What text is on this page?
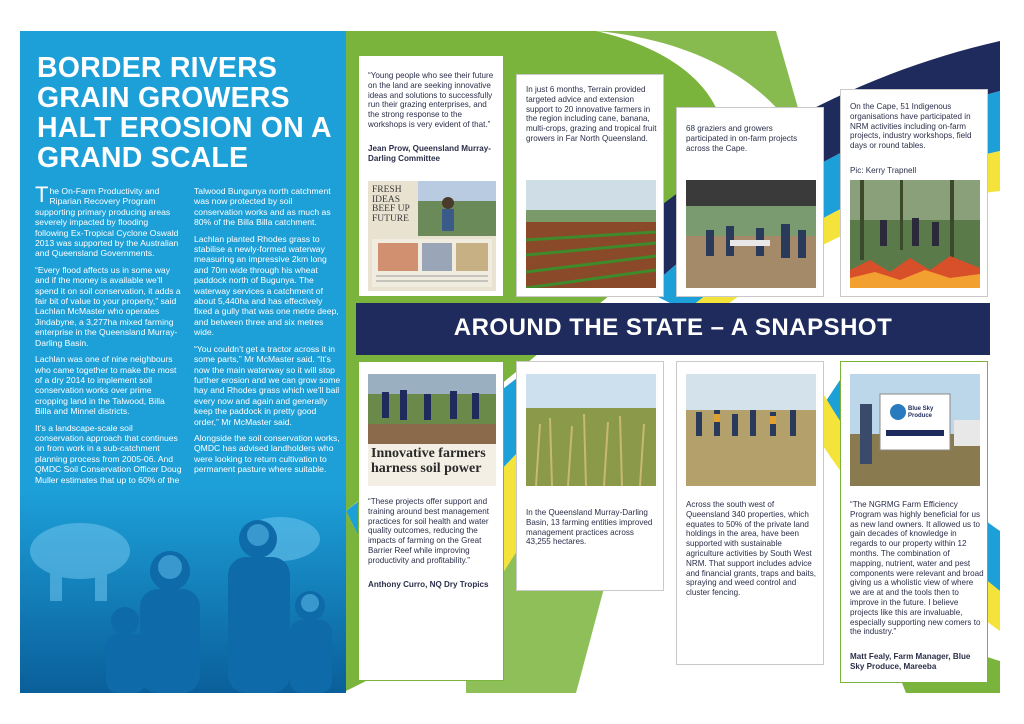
BORDER RIVERS GRAIN GROWERS HALT EROSION ON A GRAND SCALE

The On-Farm Productivity and Riparian Recovery Program supporting primary producing areas severely impacted by flooding following Ex-Tropical Cyclone Oswald 2013 was supported by the Australian and Queensland Governments.

“Every flood affects us in some way and if the money is available we’ll spend it on soil conservation, it adds a fair bit of value to your property,” said Lachlan McMaster who operates Jindabyne, a 3,277ha mixed farming enterprise in the Queensland Murray-Darling Basin.

Lachlan was one of nine neighbours who came together to make the most of a dry 2014 to implement soil conservation works over prime cropping land in the Talwood, Billa Billa and Minnel districts.

It’s a landscape-scale soil conservation approach that continues on from work in a sub-catchment planning process from 2005-06. And QMDC Soil Conservation Officer Doug Muller estimates that up to 60% of the Talwood Bungunya north catchment was now protected by soil conservation works and as much as 80% of the Billa Billa catchment.

Lachlan planted Rhodes grass to stabilise a newly-formed waterway measuring an impressive 2km long and 70m wide through his wheat paddock north of Bugunya. The waterway services a catchment of about 5,440ha and has effectively fixed a gully that was one metre deep, and between three and six metres wide.

“You couldn’t get a tractor across it in some parts,” Mr McMaster said. “It’s now the main waterway so it will stop further erosion and we can grow some hay and Rhodes grass which we’ll bail every now and again and generally keep the paddock in pretty good order,” Mr McMaster said.

Alongside the soil conservation works, QMDC has advised landholders who were looking to return cultivation to permanent pasture where suitable.

“Young people who see their future on the land are seeking innovative ideas and solutions to successfully run their grazing enterprises, and the strong response to the workshops is very evident of that.”
Jean Prow, Queensland Murray-Darling Committee
FRESH IDEAS BEEF UP FUTURE
In just 6 months, Terrain provided targeted advice and extension support to 20 innovative farmers in the region including cane, banana, multi-crops, grazing and tropical fruit growers in Far North Queensland.
68 graziers and growers participated in on-farm projects across the Cape.
On the Cape, 51 Indigenous organisations have participated in NRM activities including on-farm projects, industry workshops, field days or round tables.
Pic: Kerry Trapnell
Innovative farmers harness soil power
“These projects offer support and training around best management practices for soil health and water quality outcomes, reducing the impacts of farming on the Great Barrier Reef while improving productivity and profitability.”
Anthony Curro, NQ Dry Tropics
In the Queensland Murray-Darling Basin, 13 farming entities improved management practices across 43,255 hectares.
Across the south west of Queensland 340 properties, which equates to 50% of the private land holdings in the area, have been supported with sustainable agriculture activities by South West NRM. That support includes advice and financial grants, traps and baits, spraying and weed control and cluster fencing.
Blue Sky Produce
“The NGRMG Farm Efficiency Program was highly beneficial for us as new land owners. It allowed us to gain decades of knowledge in regards to our property within 12 months. The combination of mapping, nutrient, water and pest components were relevant and broad giving us a wholistic view of where we are at and the tools then to improve in the future. I believe projects like this are invaluable, especially supporting new comers to the industry.”
Matt Fealy, Farm Manager, Blue Sky Produce, Mareeba
AROUND THE STATE – A SNAPSHOT
